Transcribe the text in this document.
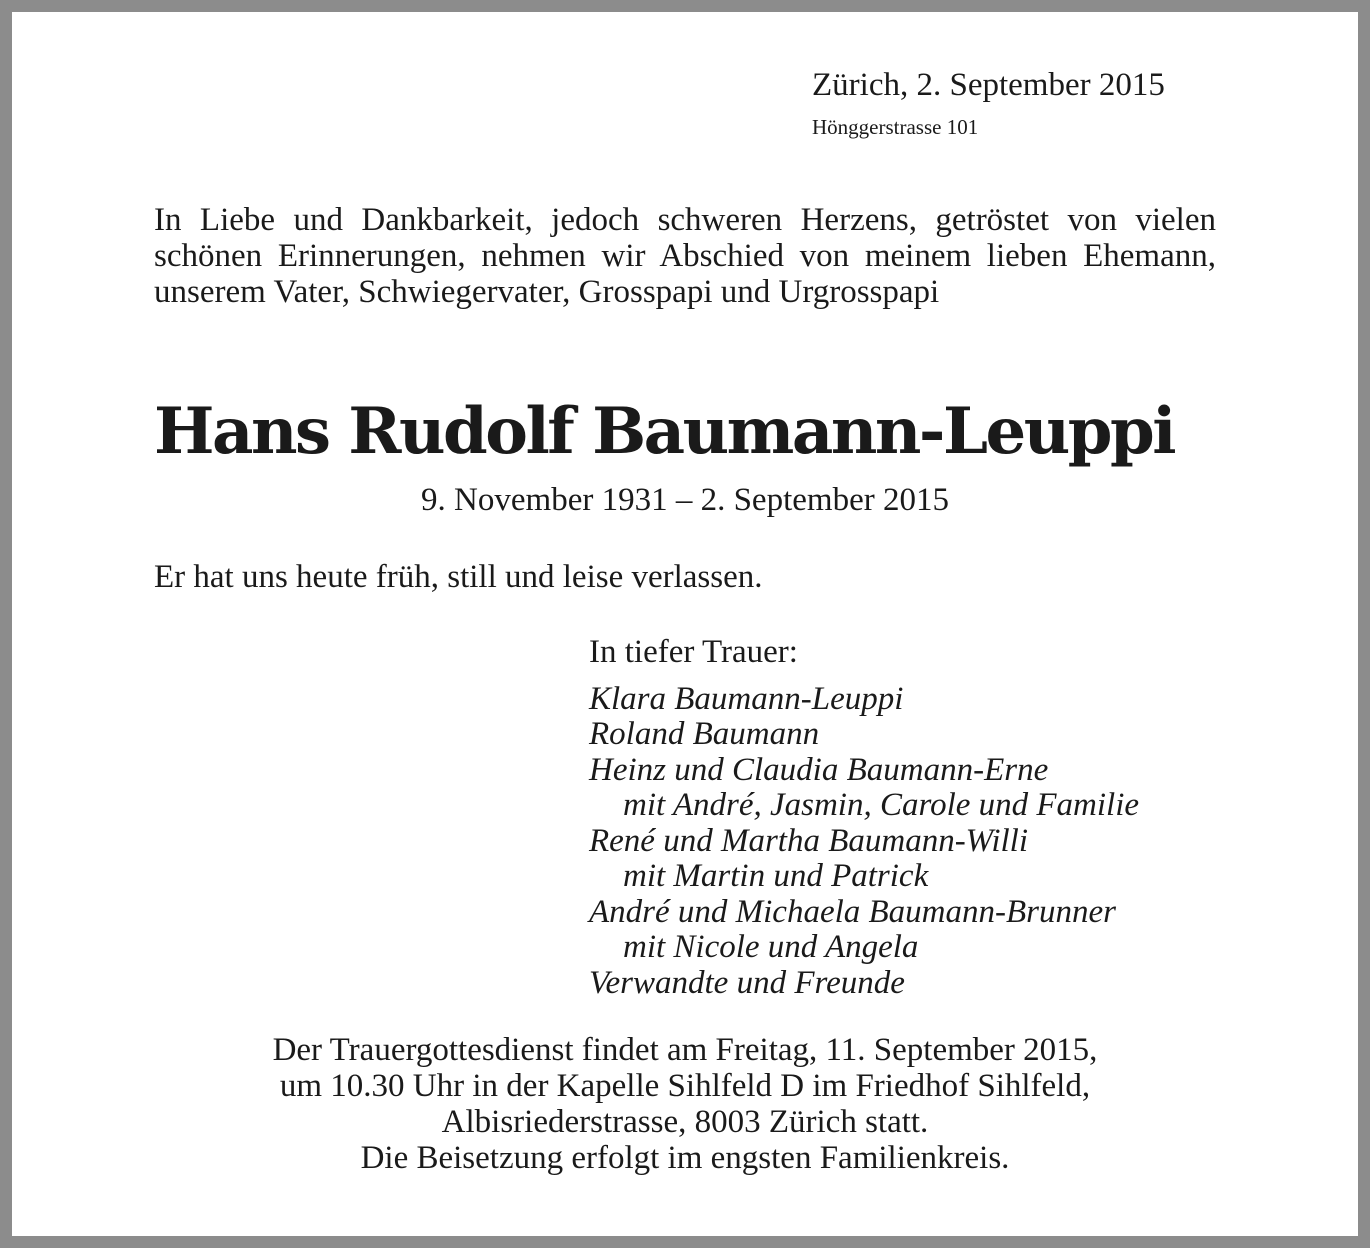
Zürich, 2. September 2015
Hönggerstrasse 101

In Liebe und Dankbarkeit, jedoch schweren Herzens, getröstet von vielen schönen Erinnerungen, nehmen wir Abschied von meinem lieben Ehemann, unserem Vater, Schwiegervater, Grosspapi und Urgrosspapi

Hans Rudolf Baumann-Leuppi
9. November 1931 – 2. September 2015
Er hat uns heute früh, still und leise verlassen.
In tiefer Trauer:
Klara Baumann-Leuppi
Roland Baumann
Heinz und Claudia Baumann-Erne
mit André, Jasmin, Carole und Familie
René und Martha Baumann-Willi
mit Martin und Patrick
André und Michaela Baumann-Brunner
mit Nicole und Angela
Verwandte und Freunde
Der Trauergottesdienst findet am Freitag, 11. September 2015,
um 10.30 Uhr in der Kapelle Sihlfeld D im Friedhof Sihlfeld,
Albisriederstrasse, 8003 Zürich statt.
Die Beisetzung erfolgt im engsten Familienkreis.
